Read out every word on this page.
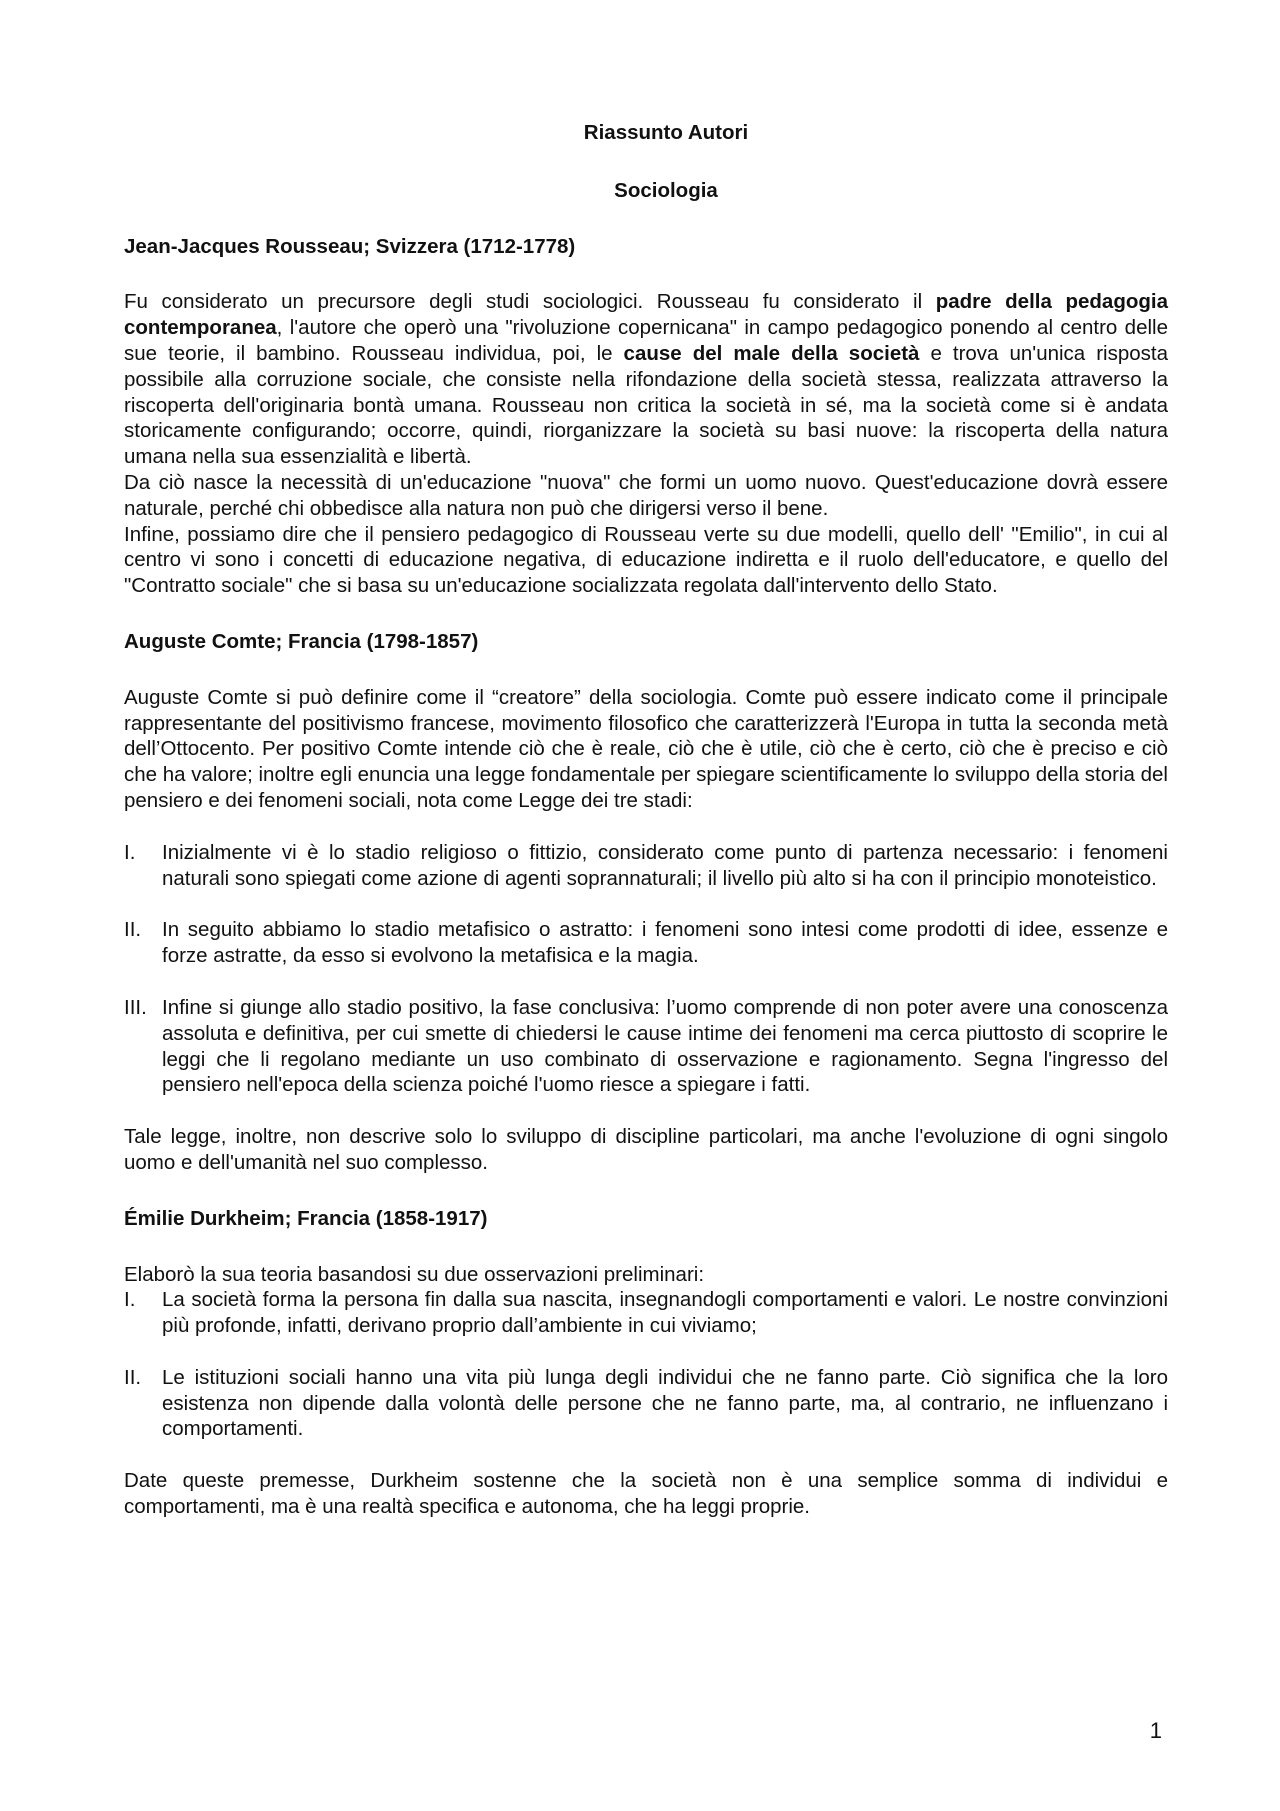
Riassunto Autori

Sociologia

Jean-Jacques Rousseau; Svizzera (1712-1778)

Fu considerato un precursore degli studi sociologici. Rousseau fu considerato il padre della pedagogia contemporanea, l'autore che operò una "rivoluzione copernicana" in campo pedagogico ponendo al centro delle sue teorie, il bambino. Rousseau individua, poi, le cause del male della società e trova un'unica risposta possibile alla corruzione sociale, che consiste nella rifondazione della società stessa, realizzata attraverso la riscoperta dell'originaria bontà umana. Rousseau non critica la società in sé, ma la società come si è andata storicamente configurando; occorre, quindi, riorganizzare la società su basi nuove: la riscoperta della natura umana nella sua essenzialità e libertà.

Da ciò nasce la necessità di un'educazione "nuova" che formi un uomo nuovo. Quest'educazione dovrà essere naturale, perché chi obbedisce alla natura non può che dirigersi verso il bene.

Infine, possiamo dire che il pensiero pedagogico di Rousseau verte su due modelli, quello dell' "Emilio", in cui al centro vi sono i concetti di educazione negativa, di educazione indiretta e il ruolo dell'educatore, e quello del "Contratto sociale" che si basa su un'educazione socializzata regolata dall'intervento dello Stato.

Auguste Comte; Francia (1798-1857)

Auguste Comte si può definire come il “creatore” della sociologia. Comte può essere indicato come il principale rappresentante del positivismo francese, movimento filosofico che caratterizzerà l'Europa in tutta la seconda metà dell’Ottocento. Per positivo Comte intende ciò che è reale, ciò che è utile, ciò che è certo, ciò che è preciso e ciò che ha valore; inoltre egli enuncia una legge fondamentale per spiegare scientificamente lo sviluppo della storia del pensiero e dei fenomeni sociali, nota come Legge dei tre stadi:

I. Inizialmente vi è lo stadio religioso o fittizio, considerato come punto di partenza necessario: i fenomeni naturali sono spiegati come azione di agenti soprannaturali; il livello più alto si ha con il principio monoteistico.
II. In seguito abbiamo lo stadio metafisico o astratto: i fenomeni sono intesi come prodotti di idee, essenze e forze astratte, da esso si evolvono la metafisica e la magia.
III. Infine si giunge allo stadio positivo, la fase conclusiva: l’uomo comprende di non poter avere una conoscenza assoluta e definitiva, per cui smette di chiedersi le cause intime dei fenomeni ma cerca piuttosto di scoprire le leggi che li regolano mediante un uso combinato di osservazione e ragionamento. Segna l'ingresso del pensiero nell'epoca della scienza poiché l'uomo riesce a spiegare i fatti.

Tale legge, inoltre, non descrive solo lo sviluppo di discipline particolari, ma anche l'evoluzione di ogni singolo uomo e dell'umanità nel suo complesso.

Émilie Durkheim; Francia (1858-1917)

Elaborò la sua teoria basandosi su due osservazioni preliminari:

I. La società forma la persona fin dalla sua nascita, insegnandogli comportamenti e valori. Le nostre convinzioni più profonde, infatti, derivano proprio dall’ambiente in cui viviamo;
II. Le istituzioni sociali hanno una vita più lunga degli individui che ne fanno parte. Ciò significa che la loro esistenza non dipende dalla volontà delle persone che ne fanno parte, ma, al contrario, ne influenzano i comportamenti.

Date queste premesse, Durkheim sostenne che la società non è una semplice somma di individui e comportamenti, ma è una realtà specifica e autonoma, che ha leggi proprie.

1
